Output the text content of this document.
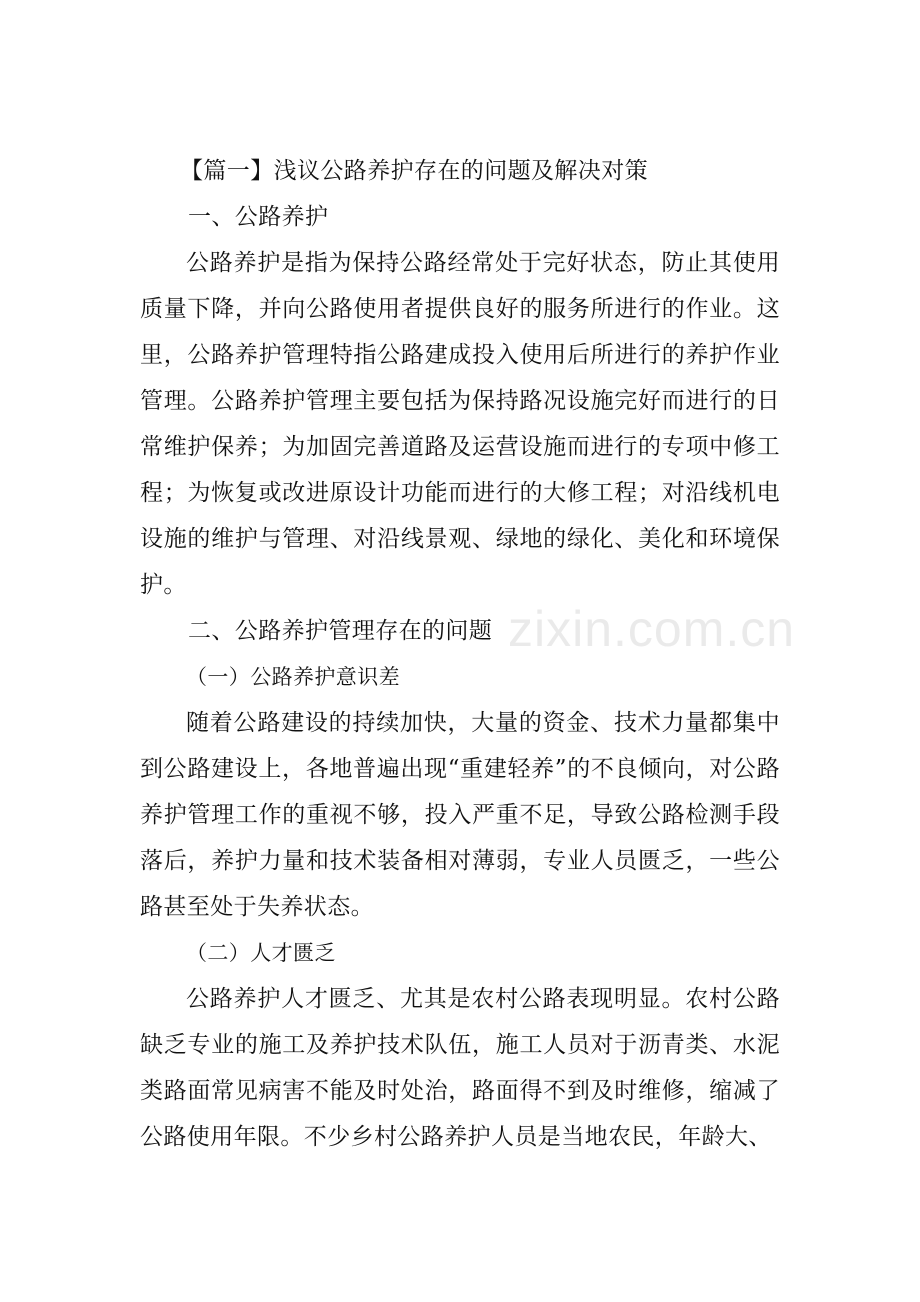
【篇一】浅议公路养护存在的问题及解决对策

一、公路养护

公路养护是指为保持公路经常处于完好状态，防止其使用质量下降，并向公路使用者提供良好的服务所进行的作业。这里，公路养护管理特指公路建成投入使用后所进行的养护作业管理。公路养护管理主要包括为保持路况设施完好而进行的日常维护保养；为加固完善道路及运营设施而进行的专项中修工程；为恢复或改进原设计功能而进行的大修工程；对沿线机电设施的维护与管理、对沿线景观、绿地的绿化、美化和环境保护。

二、公路养护管理存在的问题

（一）公路养护意识差

随着公路建设的持续加快，大量的资金、技术力量都集中到公路建设上，各地普遍出现“重建轻养”的不良倾向，对公路养护管理工作的重视不够，投入严重不足，导致公路检测手段落后，养护力量和技术装备相对薄弱，专业人员匮乏，一些公路甚至处于失养状态。

（二）人才匮乏

公路养护人才匮乏、尤其是农村公路表现明显。农村公路缺乏专业的施工及养护技术队伍，施工人员对于沥青类、水泥类路面常见病害不能及时处治，路面得不到及时维修，缩减了公路使用年限。不少乡村公路养护人员是当地农民，年龄大、

zixin.com.cn
